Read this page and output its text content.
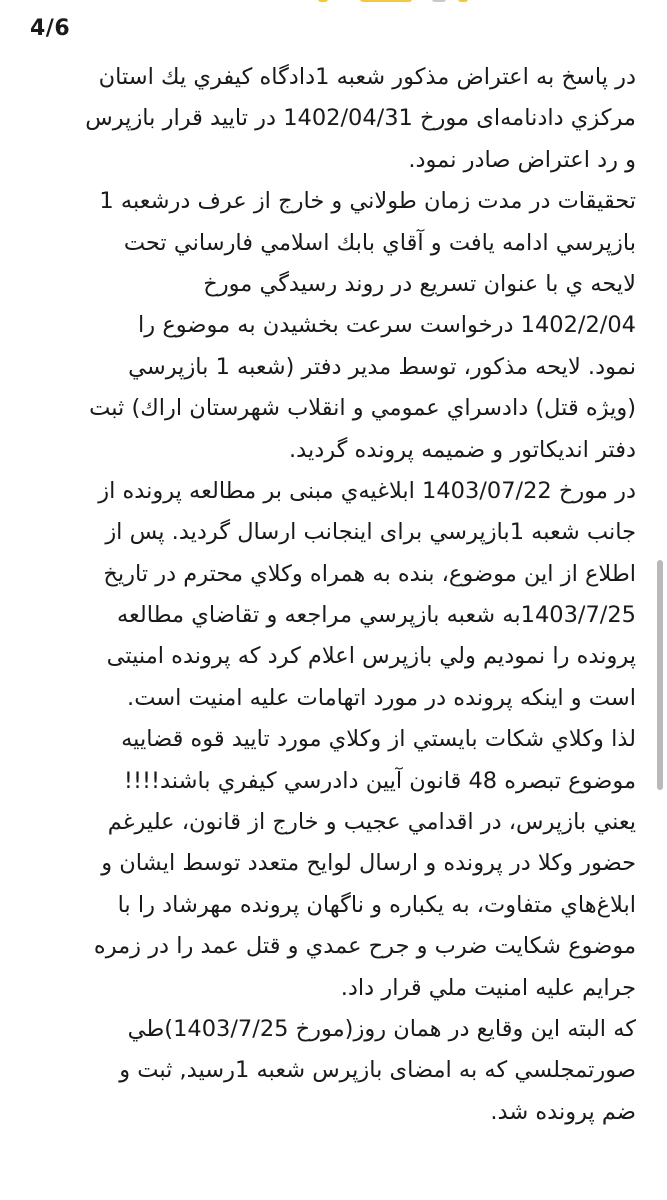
4/6
در پاسخ به اعتراض مذكور شعبه 1دادگاه كيفري يك استان
مركزي دادنامه‌ای مورخ 1402/04/31 در تاييد قرار بازپرس
و رد اعتراض صادر نمود.
تحقيقات در مدت زمان طولاني و خارج از عرف درشعبه 1
بازپرسي ادامه يافت و آقاي بابك اسلامي فارساني تحت
لايحه ي با عنوان تسريع در روند رسيدگي مورخ
1402/2/04 درخواست سرعت بخشيدن به موضوع را
نمود. لايحه مذكور، توسط مدير دفتر (شعبه 1 بازپرسي
(ويژه قتل) دادسراي عمومي و انقلاب شهرستان اراك) ثبت
دفتر انديكاتور و ضميمه پرونده گرديد.
در مورخ 1403/07/22 ابلاغيه‌ي مبنى بر مطالعه پرونده از
جانب شعبه 1بازپرسي براى اينجانب ارسال گرديد. پس از
اطلاع از اين موضوع، بنده به همراه وكلاي محترم در تاريخ
1403/7/25به شعبه بازپرسي مراجعه و تقاضاي مطالعه
پرونده را نموديم ولي بازپرس اعلام كرد كه پرونده امنيتى
است و اينكه پرونده در مورد اتهامات عليه امنيت است.
لذا وكلاي شكات بايستي از وكلاي مورد تاييد قوه قضاييه
موضوع تبصره 48 قانون آيين دادرسي كيفري باشند!!!!
يعني بازپرس، در اقدامي عجيب و خارج از قانون، عليرغم
حضور وكلا در پرونده و ارسال لوايح متعدد توسط ايشان و
ابلاغ‌هاي متفاوت، به يكباره و ناگهان پرونده مهرشاد را با
موضوع شكايت ضرب و جرح عمدي و قتل عمد را در زمره
جرايم عليه امنيت ملي قرار داد.
كه البته اين وقايع در همان روز(مورخ 1403/7/25)طي
صورتمجلسي كه به امضاى بازپرس شعبه 1رسيد, ثبت و
ضم پرونده شد.
